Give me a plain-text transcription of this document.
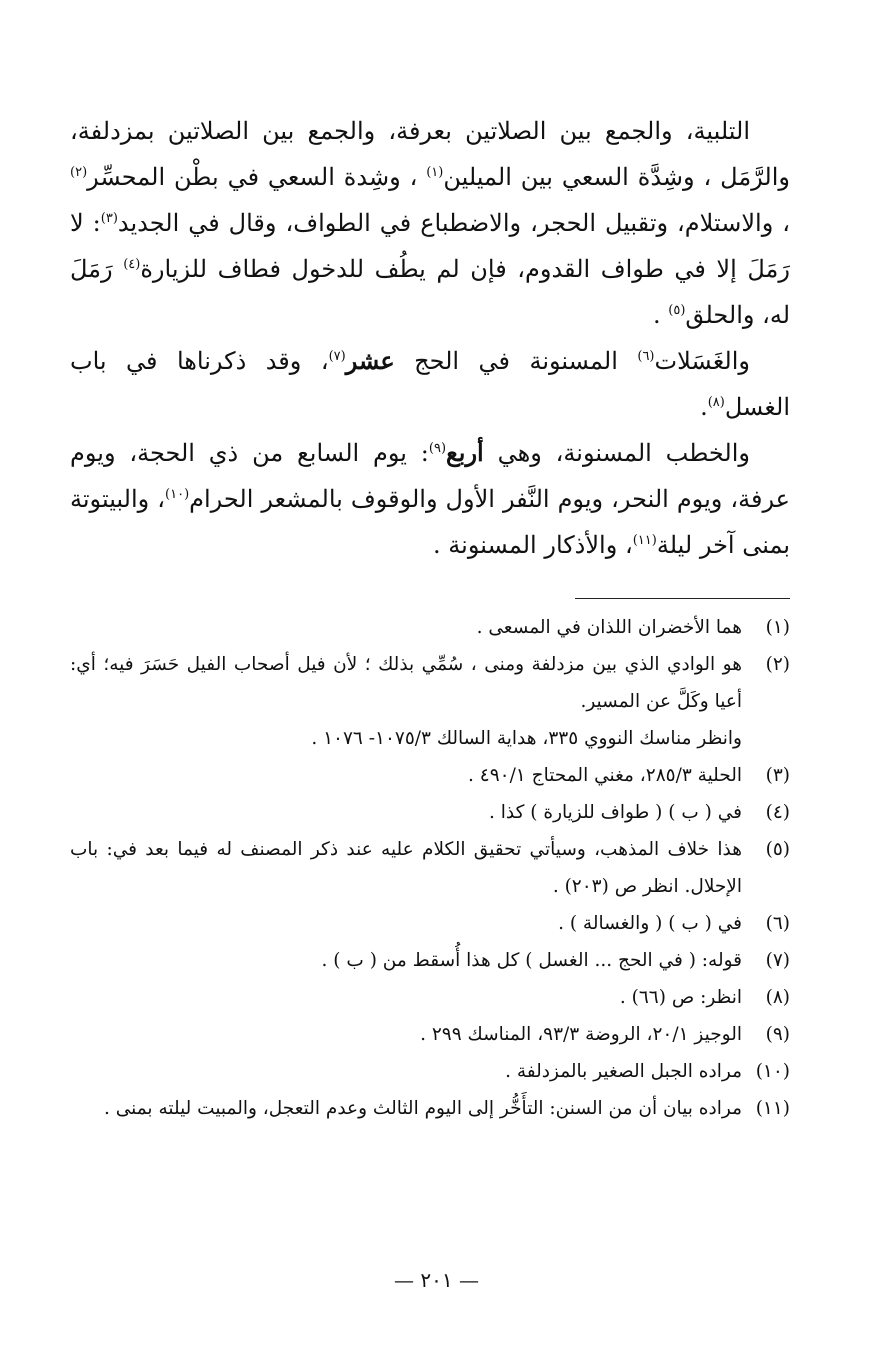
التلبية، والجمع بين الصلاتين بعرفة، والجمع بين الصلاتين بمزدلفة، والرَّمَل ، وشِدَّة السعي بين الميلين$^{(١)}$ ، وشِدة السعي في بطْن المحسِّر$^{(٢)}$ ، والاستلام، وتقبيل الحجر، والاضطباع في الطواف، وقال في الجديد$^{(٣)}$: لا رَمَلَ إلا في طواف القدوم، فإن لم يطُف للدخول فطاف للزيارة$^{(٤)}$ رَمَلَ له، والحلق$^{(٥)}$ .

والغَسَلات$^{(٦)}$ المسنونة في الحج عشر$^{(٧)}$، وقد ذكرناها في باب الغسل$^{(٨)}$.

والخطب المسنونة، وهي أربع$^{(٩)}$: يوم السابع من ذي الحجة، ويوم عرفة، ويوم النحر، ويوم النَّفر الأول والوقوف بالمشعر الحرام$^{(١٠)}$، والبيتوتة بمنى آخر ليلة$^{(١١)}$، والأذكار المسنونة .

(١)
هما الأخضران اللذان في المسعى .
(٢)
هو الوادي الذي بين مزدلفة ومنى ، سُمِّي بذلك ؛ لأن فيل أصحاب الفيل حَسَرَ فيه؛ أي: أعيا وكَلَّ عن المسير.
وانظر مناسك النووي ٣٣٥، هداية السالك ١٠٧٥/٣- ١٠٧٦ .
(٣)
الحلية ٢٨٥/٣، مغني المحتاج ٤٩٠/١ .
(٤)
في ( ب ) ( طواف للزيارة ) كذا .
(٥)
هذا خلاف المذهب، وسيأتي تحقيق الكلام عليه عند ذكر المصنف له فيما بعد في: باب الإحلال. انظر ص (٢٠٣) .
(٦)
في ( ب ) ( والغسالة ) .
(٧)
قوله: ( في الحج ... الغسل ) كل هذا أُسقط من ( ب ) .
(٨)
انظر: ص (٦٦) .
(٩)
الوجيز ٢٠/١، الروضة ٩٣/٣، المناسك ٢٩٩ .
(١٠)
مراده الجبل الصغير بالمزدلفة .
(١١)
مراده بيان أن من السنن: التأَخُّر إلى اليوم الثالث وعدم التعجل، والمبيت ليلته بمنى .
— ٢٠١ —
